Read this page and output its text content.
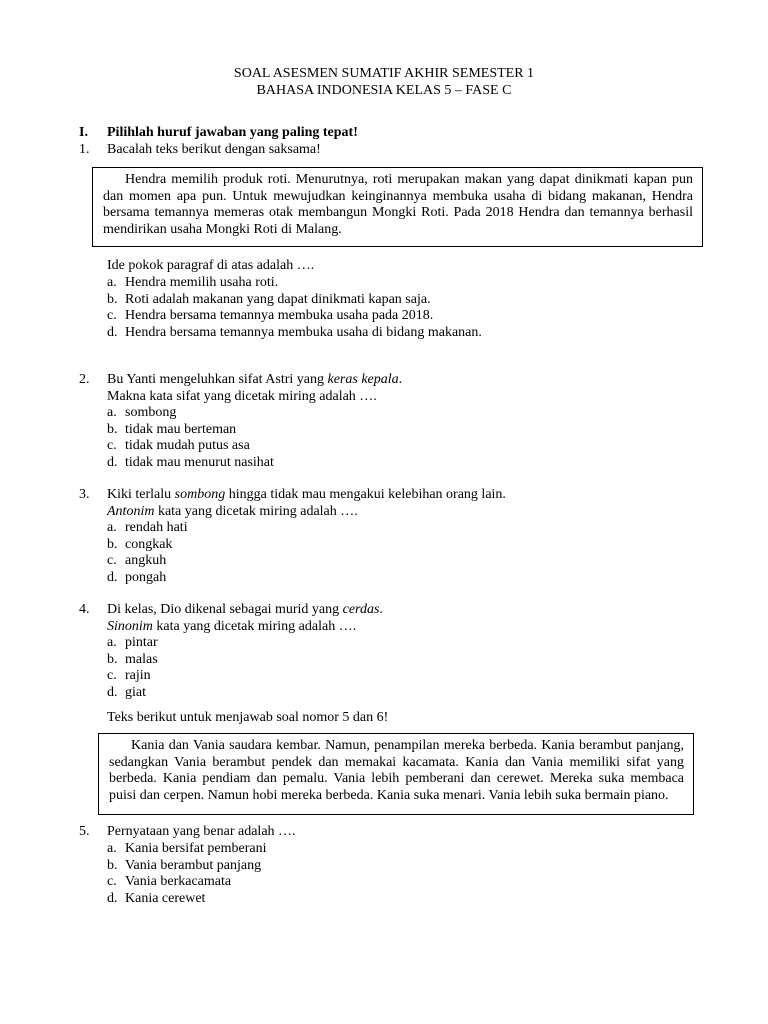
SOAL ASESMEN SUMATIF AKHIR SEMESTER 1
BAHASA INDONESIA KELAS 5 – FASE C
I. Pilihlah huruf jawaban yang paling tepat!
1.	Bacalah teks berikut dengan saksama!

Hendra memilih produk roti. Menurutnya, roti merupakan makan yang dapat dinikmati kapan pun dan momen apa pun. Untuk mewujudkan keinginannya membuka usaha di bidang makanan, Hendra bersama temannya memeras otak membangun Mongki Roti. Pada 2018 Hendra dan temannya berhasil mendirikan usaha Mongki Roti di Malang.

Ide pokok paragraf di atas adalah ….
a. Hendra memilih usaha roti.
b. Roti adalah makanan yang dapat dinikmati kapan saja.
c. Hendra bersama temannya membuka usaha pada 2018.
d. Hendra bersama temannya membuka usaha di bidang makanan.
2.	Bu Yanti mengeluhkan sifat Astri yang keras kepala.
Makna kata sifat yang dicetak miring adalah ….
a. sombong
b. tidak mau berteman
c. tidak mudah putus asa
d. tidak mau menurut nasihat
3.	Kiki terlalu sombong hingga tidak mau mengakui kelebihan orang lain.
Antonim kata yang dicetak miring adalah ….
a. rendah hati
b. congkak
c. angkuh
d. pongah
4.	Di kelas, Dio dikenal sebagai murid yang cerdas.
Sinonim kata yang dicetak miring adalah ….
a. pintar
b. malas
c. rajin
d. giat
Teks berikut untuk menjawab soal nomor 5 dan 6!

Kania dan Vania saudara kembar. Namun, penampilan mereka berbeda. Kania berambut panjang, sedangkan Vania berambut pendek dan memakai kacamata. Kania dan Vania memiliki sifat yang berbeda. Kania pendiam dan pemalu. Vania lebih pemberani dan cerewet. Mereka suka membaca puisi dan cerpen. Namun hobi mereka berbeda. Kania suka menari. Vania lebih suka bermain piano.

5.	Pernyataan yang benar adalah ….
a. Kania bersifat pemberani
b. Vania berambut panjang
c. Vania berkacamata
d. Kania cerewet
